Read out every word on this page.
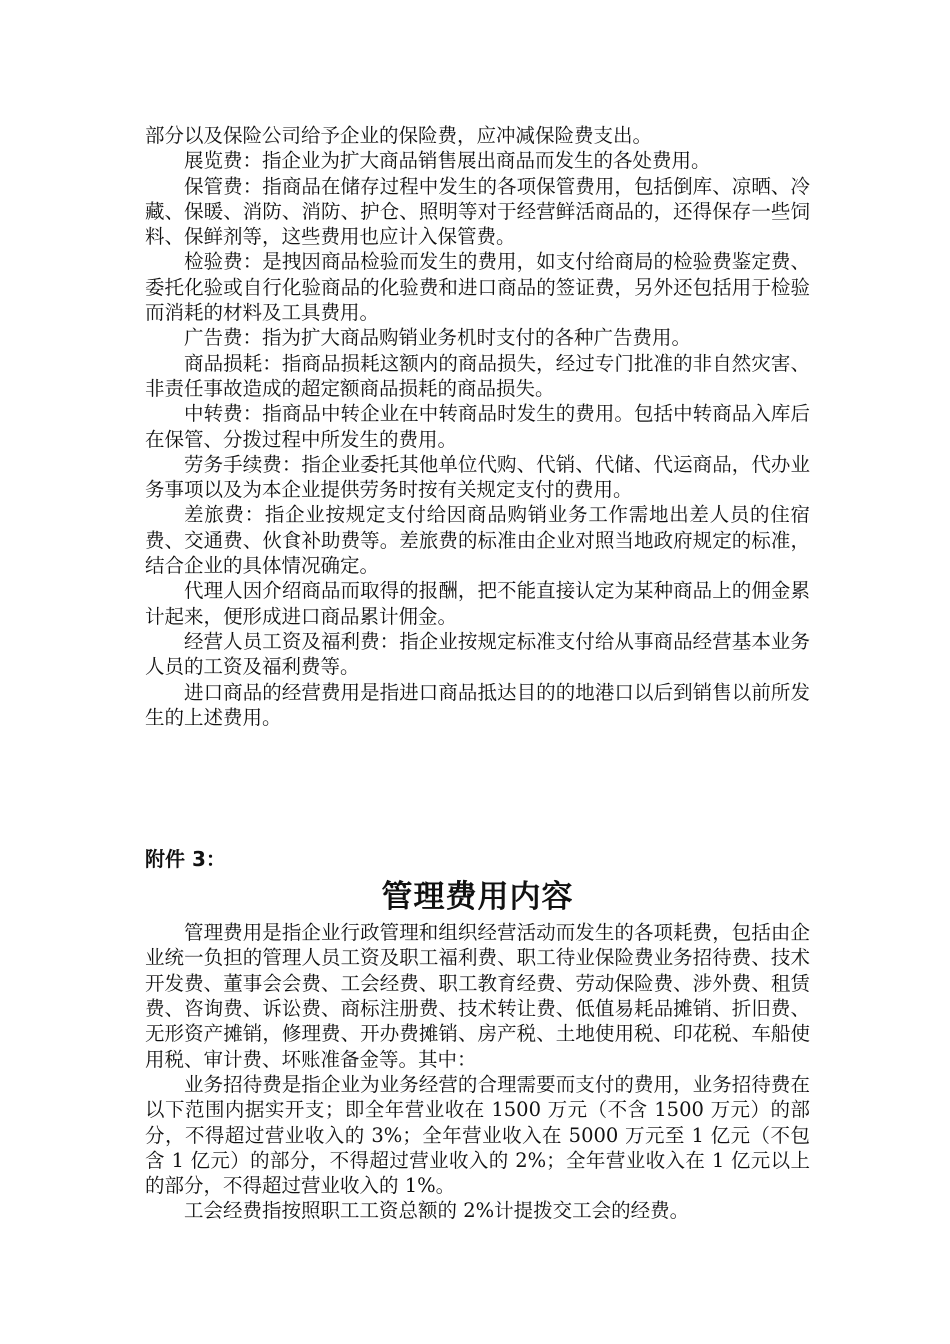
部分以及保险公司给予企业的保险费，应冲减保险费支出。

展览费：指企业为扩大商品销售展出商品而发生的各处费用。

保管费：指商品在储存过程中发生的各项保管费用，包括倒库、凉晒、冷藏、保暖、消防、消防、护仓、照明等对于经营鲜活商品的，还得保存一些饲料、保鲜剂等，这些费用也应计入保管费。

检验费：是拽因商品检验而发生的费用，如支付给商局的检验费鉴定费、委托化验或自行化验商品的化验费和进口商品的签证费，另外还包括用于检验而消耗的材料及工具费用。

广告费：指为扩大商品购销业务机时支付的各种广告费用。

商品损耗：指商品损耗这额内的商品损失，经过专门批准的非自然灾害、非责任事故造成的超定额商品损耗的商品损失。

中转费：指商品中转企业在中转商品时发生的费用。包括中转商品入库后在保管、分拨过程中所发生的费用。

劳务手续费：指企业委托其他单位代购、代销、代储、代运商品，代办业务事项以及为本企业提供劳务时按有关规定支付的费用。

差旅费：指企业按规定支付给因商品购销业务工作需地出差人员的住宿费、交通费、伙食补助费等。差旅费的标准由企业对照当地政府规定的标准，结合企业的具体情况确定。

代理人因介绍商品而取得的报酬，把不能直接认定为某种商品上的佣金累计起来，便形成进口商品累计佣金。

经营人员工资及福利费：指企业按规定标准支付给从事商品经营基本业务人员的工资及福利费等。

进口商品的经营费用是指进口商品抵达目的的地港口以后到销售以前所发生的上述费用。

附件 3：

管理费用内容

管理费用是指企业行政管理和组织经营活动而发生的各项耗费，包括由企业统一负担的管理人员工资及职工福利费、职工待业保险费业务招待费、技术开发费、董事会会费、工会经费、职工教育经费、劳动保险费、涉外费、租赁费、咨询费、诉讼费、商标注册费、技术转让费、低值易耗品摊销、折旧费、无形资产摊销，修理费、开办费摊销、房产税、土地使用税、印花税、车船使用税、审计费、坏账准备金等。其中：

业务招待费是指企业为业务经营的合理需要而支付的费用，业务招待费在以下范围内据实开支；即全年营业收在 1500 万元（不含 1500 万元）的部分，不得超过营业收入的 3%；全年营业收入在 5000 万元至 1 亿元（不包含 1 亿元）的部分，不得超过营业收入的 2%；全年营业收入在 1 亿元以上的部分，不得超过营业收入的 1%。

工会经费指按照职工工资总额的 2%计提拨交工会的经费。
